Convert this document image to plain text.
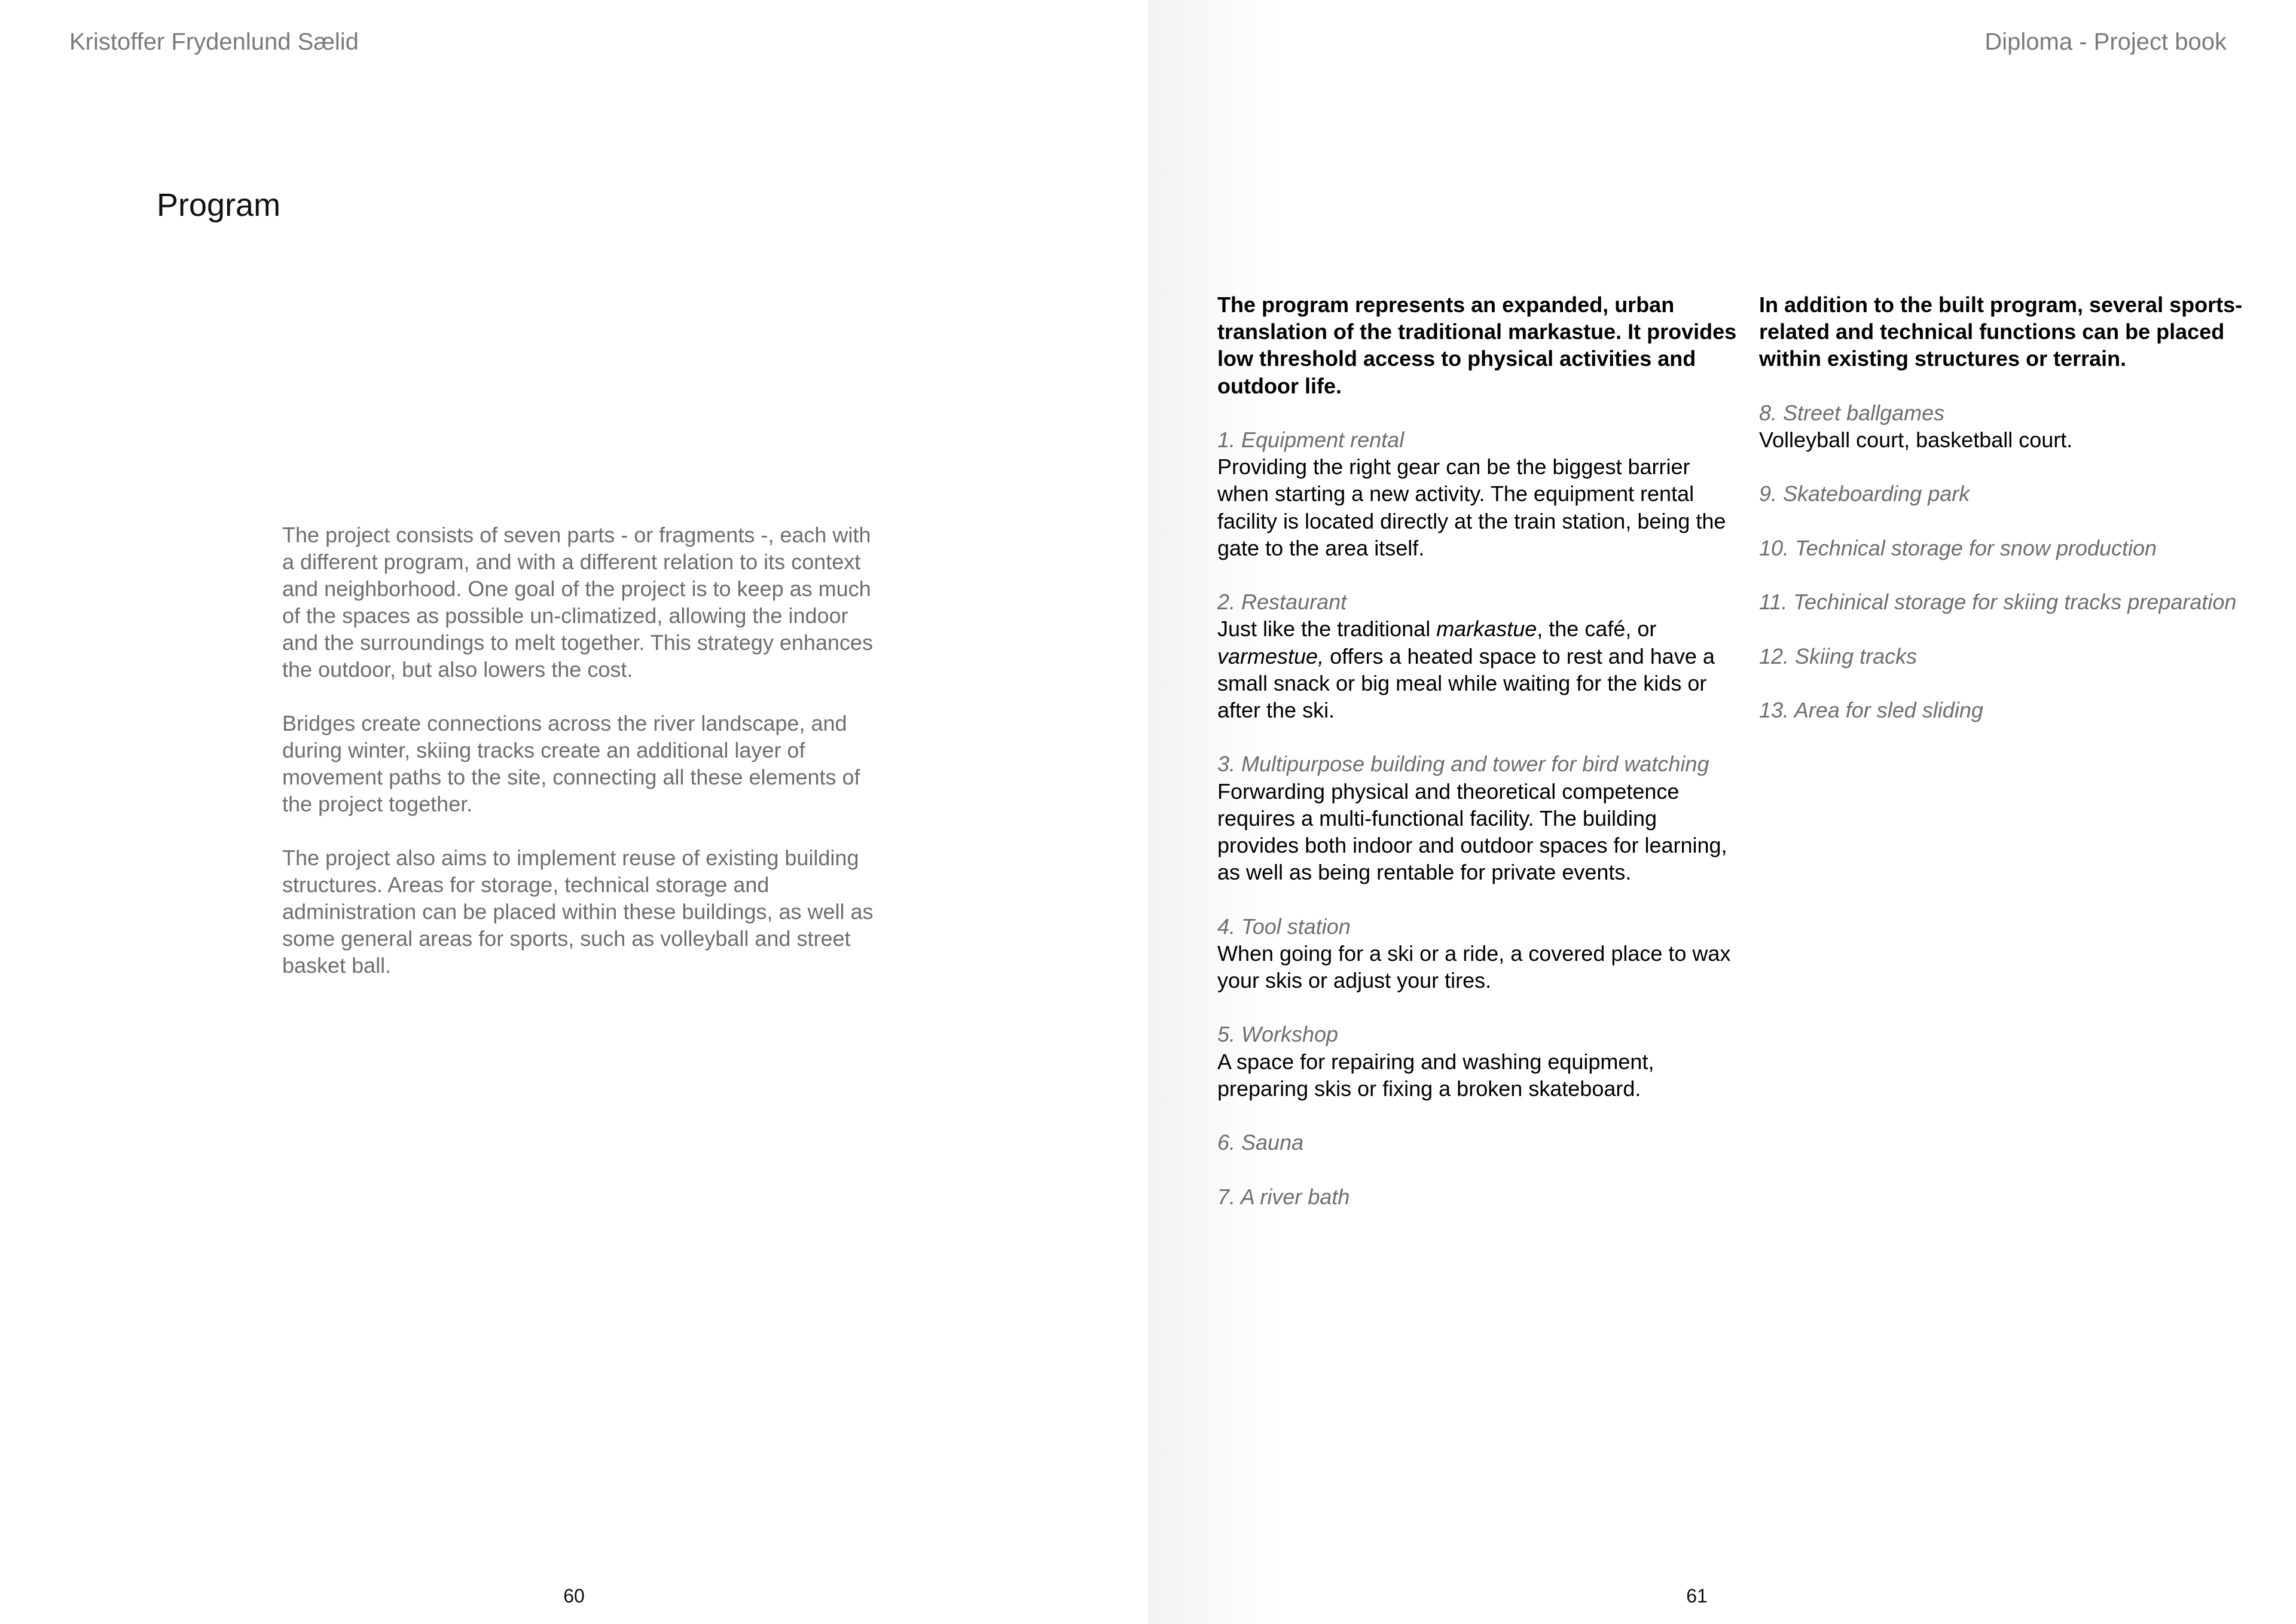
Kristoffer Frydenlund Sælid
Program

The project consists of seven parts - or fragments -, each with a different program, and with a different relation to its context and neighborhood. One goal of the project is to keep as much of the spaces as possible un-climatized, allowing the indoor and the surroundings to melt together. This strategy enhances the outdoor, but also lowers the cost.

Bridges create connections across the river landscape, and during winter, skiing tracks create an additional layer of movement paths to the site, connecting all these elements of the project together.

The project also aims to implement reuse of existing building structures. Areas for storage, technical storage and administration can be placed within these buildings, as well as some general areas for sports, such as volleyball and street basket ball.

60
Diploma - Project book

The program represents an expanded, urban translation of the traditional markastue. It provides low threshold access to physical activities and outdoor life.

1. Equipment rental
Providing the right gear can be the biggest barrier when starting a new activity. The equipment rental facility is located directly at the train station, being the gate to the area itself.
2. Restaurant
Just like the traditional markastue, the café, or
varmestue, offers a heated space to rest and have a small snack or big meal while waiting for the kids or after the ski.
3. Multipurpose building and tower for bird watching
Forwarding physical and theoretical competence requires a multi-functional facility. The building provides both indoor and outdoor spaces for learning, as well as being rentable for private events.
4. Tool station
When going for a ski or a ride, a covered place to wax your skis or adjust your tires.
5. Workshop
A space for repairing and washing equipment, preparing skis or fixing a broken skateboard.
6. Sauna
7. A river bath

In addition to the built program, several sports-related and technical functions can be placed within existing structures or terrain.

8. Street ballgames
Volleyball court, basketball court.
9. Skateboarding park
10. Technical storage for snow production
11. Techinical storage for skiing tracks preparation
12. Skiing tracks
13. Area for sled sliding
61
